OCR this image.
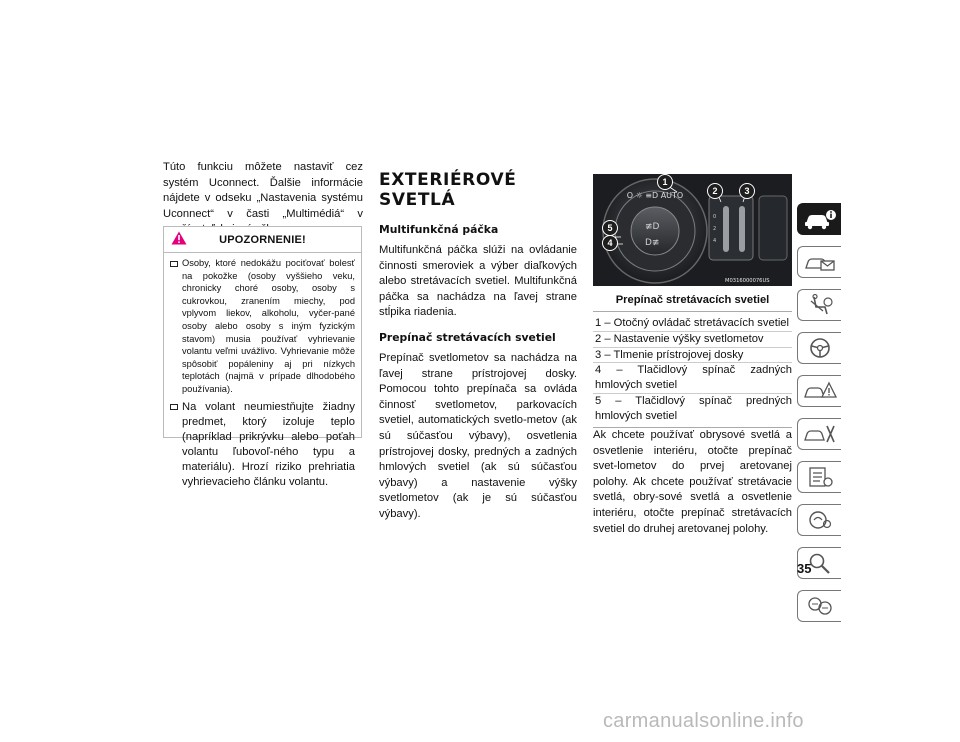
Túto funkciu môžete nastaviť cez systém Uconnect. Ďalšie informácie nájdete v odseku „Nastavenia systému Uconnect“ v časti „Multimédiá“ v

UPOZORNENIE!
Osoby, ktoré nedokážu pociťovať bolesť na pokožke (osoby vyššieho veku, chronicky choré osoby, osoby s cukrovkou, zranením miechy, pod vplyvom liekov, alkoholu, vyčer-pané osoby alebo osoby s iným fyzickým stavom) musia používať vyhrievanie volantu veľmi uvážlivo. Vyhrievanie môže spôsobiť popáleniny aj pri nízkych teplotách (najmä v prípade dlhodobého používania).
Na volant neumiestňujte žiadny predmet, ktorý izoluje teplo (napríklad prikrývku alebo poťah volantu ľubovoľ-ného typu a materiálu). Hrozí riziko prehriatia vyhrievacieho článku volantu.
EXTERIÉROVÉ SVETLÁ
Multifunkčná páčka

Multifunkčná páčka slúži na ovládanie činnosti smeroviek a výber diaľkových alebo stretávacích svetiel. Multifunkčná páčka sa nachádza na ľavej strane stĺpika riadenia.

Prepínač stretávacích svetiel

Prepínač svetlometov sa nachádza na ľavej strane prístrojovej dosky. Pomocou tohto prepínača sa ovláda činnosť svetlometov, parkovacích svetiel, automatických svetlo-metov (ak sú súčasťou výbavy), osvetlenia prístrojovej dosky, predných a zadných hmlových svetiel (ak sú súčasťou výbavy) a nastavenie výšky svetlometov (ak je sú súčasťou výbavy).

O ☼ ≡D AUTO
≢D
D≢
0
2
4
M0316000076US
1
2	3
4
5
Prepínač stretávacích svetiel
1 – Otočný ovládač stretávacích svetiel
2 – Nastavenie výšky svetlometov
3 – Tlmenie prístrojovej dosky
4 – Tlačidlový spínač zadných hmlových svetiel
5 – Tlačidlový spínač predných hmlových svetiel

Ak chcete používať obrysové svetlá a osvetlenie interiéru, otočte prepínač svet-lometov do prvej aretovanej polohy. Ak chcete používať stretávacie svetlá, obry-sové svetlá a osvetlenie interiéru, otočte prepínač stretávacích svetiel do druhej aretovanej polohy.

35
carmanualsonline.info
